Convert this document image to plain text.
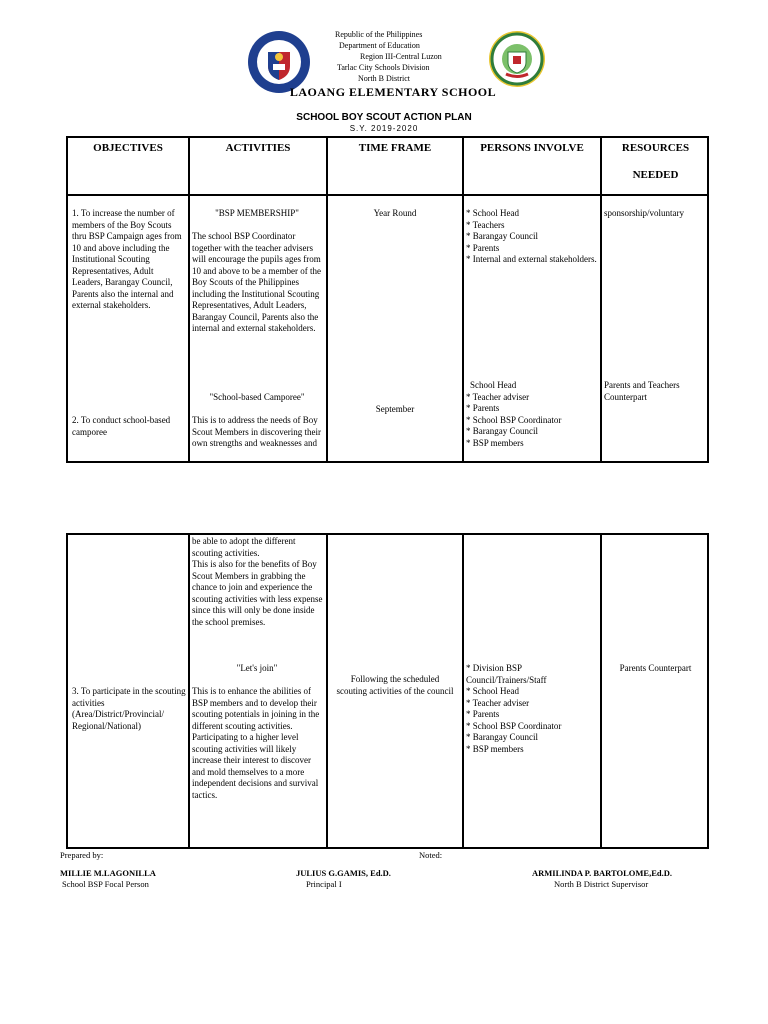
Republic of the Philippines
Department of Education
Region III-Central Luzon
Tarlac City Schools Division
North B District
LAOANG ELEMENTARY SCHOOL
SCHOOL BOY SCOUT ACTION PLAN
S.Y. 2019-2020
OBJECTIVES	ACTIVITIES	TIME FRAME	PERSONS INVOLVE	RESOURCES
NEEDED
1. To increase the number of members of the Boy Scouts thru BSP Campaign ages from 10 and above including the Institutional Scouting Representatives, Adult Leaders, Barangay Council, Parents also the internal and external stakeholders.
"BSP MEMBERSHIP"
The school BSP Coordinator together with the teacher advisers will encourage the pupils ages from 10 and above to be a member of the Boy Scouts of the Philippines including the Institutional Scouting Representatives, Adult Leaders, Barangay Council, Parents also the internal and external stakeholders.
Year Round

*	School Head

* Teachers

* Barangay Council

* Parents

* Internal and external stakeholders.

sponsorship/voluntary
2. To conduct school-based camporee
"School-based Camporee"
This is to address the needs of Boy Scout Members in discovering their own strengths and weaknesses and
September

School Head

* Teacher adviser

* Parents

* School BSP Coordinator

* Barangay Council

* BSP members

Parents and Teachers Counterpart
be able to adopt the different scouting activities.
This is also for the benefits of Boy Scout Members in grabbing the chance to join and experience the scouting activities with less expense since this will only be done inside the school premises.
3. To participate in the scouting activities (Area/District/Provincial/ Regional/National)
"Let's join"
This is to enhance the abilities of BSP members and to develop their scouting potentials in joining in the different scouting activities. Participating to a higher level scouting activities will likely increase their interest to discover and mold themselves to a more independent decisions and survival tactics.
Following the scheduled scouting activities of the council

* Division BSP Council/Trainers/Staff

* School Head

* Teacher adviser

* Parents

* School BSP Coordinator

* Barangay Council

* BSP members

Parents Counterpart
Prepared by:	Noted:
MILLIE M.LAGONILLA
School BSP Focal Person
JULIUS G.GAMIS, Ed.D.
Principal I
ARMILINDA P. BARTOLOME,Ed.D.
North B District Supervisor
